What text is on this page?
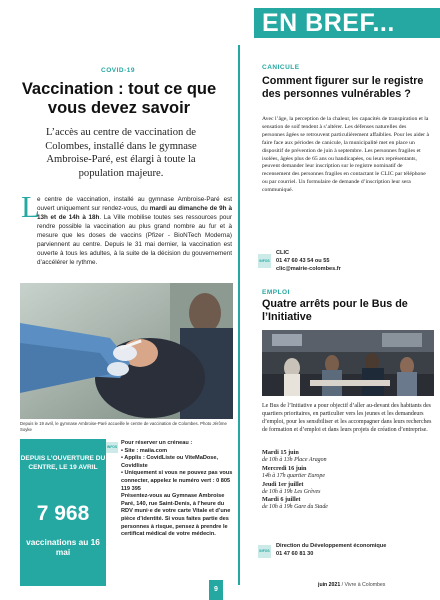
EN BREF...
COVID-19
Vaccination : tout ce que vous devez savoir
L’accès au centre de vaccination de Colombes, installé dans le gymnase Ambroise-Paré, est élargi à toute la population majeure.
L
e centre de vaccination, installé au gymnase Ambroise-Paré est ouvert uniquement sur rendez-vous, du mardi au dimanche de 9h à 13h et de 14h à 18h. La Ville mobilise toutes ses ressources pour rendre possible la vaccination au plus grand nombre au fur et à mesure que les doses de vaccins (Pfizer - BioNTech Moderna) parviennent au centre. Depuis le 31 mai dernier, la vaccination est ouverte à tous les adultes, à la suite de la décision du gouvernement d’accélérer le rythme.
Depuis le 19 avril, le gymnase Ambroise-Paré accueille le centre de vaccination de Colombes. Photo Jérôme Soyke
DEPUIS L’OUVERTURE DU CENTRE, LE 19 AVRIL
7 968
vaccinations au 16 mai
INFOS
Pour réserver un créneau :
• Site : maiia.com
• Applis : CovidListe ou ViteMaDose, Covidliste
• Uniquement si vous ne pouvez pas vous connecter, appelez le numéro vert : 0 805 119 395
Présentez-vous au Gymnase Ambroise Paré, 140, rue Saint-Denis, à l’heure du RDV muni·e de votre carte Vitale et d’une pièce d’identité. Si vous faites partie des personnes à risque, pensez à prendre le certificat médical de votre médecin.
CANICULE
Comment figurer sur le registre des personnes vulnérables ?
Avec l’âge, la perception de la chaleur, les capacités de transpiration et la sensation de soif tendent à s’altérer. Les défenses naturelles des personnes âgées se retrouvent particulièrement affaiblies. Pour les aider à faire face aux périodes de canicule, la municipalité met en place un dispositif de prévention de juin à septembre. Les personnes fragiles et isolées, âgées plus de 65 ans ou handicapées, ou leurs représentants, peuvent demander leur inscription sur le registre nominatif de recensement des personnes fragiles en contactant le CLIC par téléphone ou par courriel. Un formulaire de demande d’inscription leur sera communiqué.
INFOS
CLIC
01 47 60 43 54 ou 55
clic@mairie-colombes.fr
EMPLOI
Quatre arrêts pour le Bus de l’Initiative
Le Bus de l’Initiative a pour objectif d’aller au-devant des habitants des quartiers prioritaires, en particulier vers les jeunes et les demandeurs d’emploi, pour les sensibiliser et les accompagner dans leurs recherches de formation et d’emploi et dans leurs projets de création d’entreprise.
Mardi 15 juin
de 10h à 13h Place Aragon
Mercredi 16 juin
14h à 17h quartier Europe
Jeudi 1er juillet
de 10h à 19h Les Grèves
Mardi 6 juillet
de 10h à 19h Gare du Stade
INFOS
Direction du Développement économique
01 47 60 81 30
9
juin 2021 / Vivre à Colombes
